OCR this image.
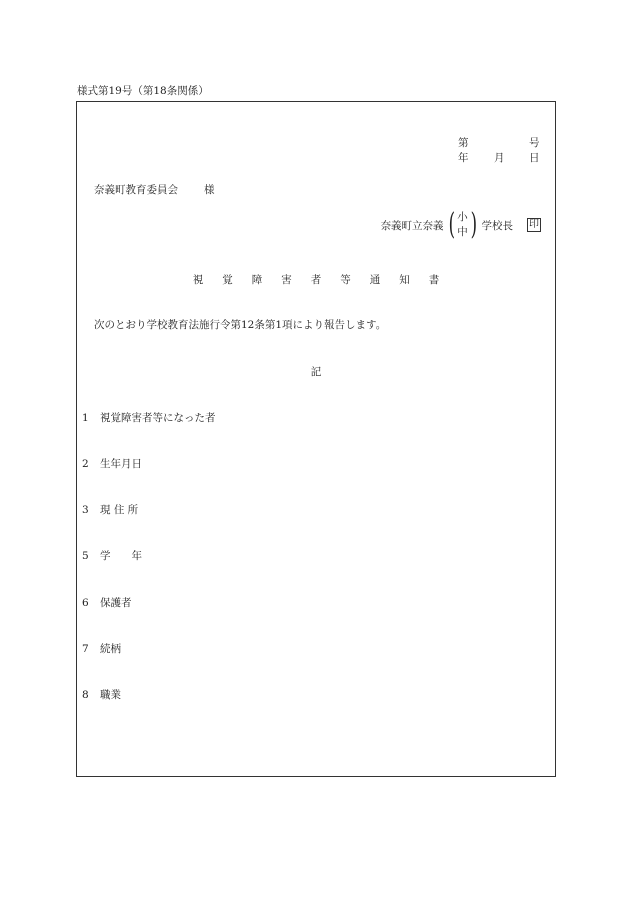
様式第19号（第18条関係）
第	号
年 月 日
奈義町教育委員会 様
奈義町立奈義 ( 小
中 ) 学校長 印
視覚障害者等通知書
次のとおり学校教育法施行令第12条第1項により報告します。
記
1 視覚障害者等になった者
2 生年月日
3 現 住 所
5 学　　年
6 保護者
7 続柄
8 職業
